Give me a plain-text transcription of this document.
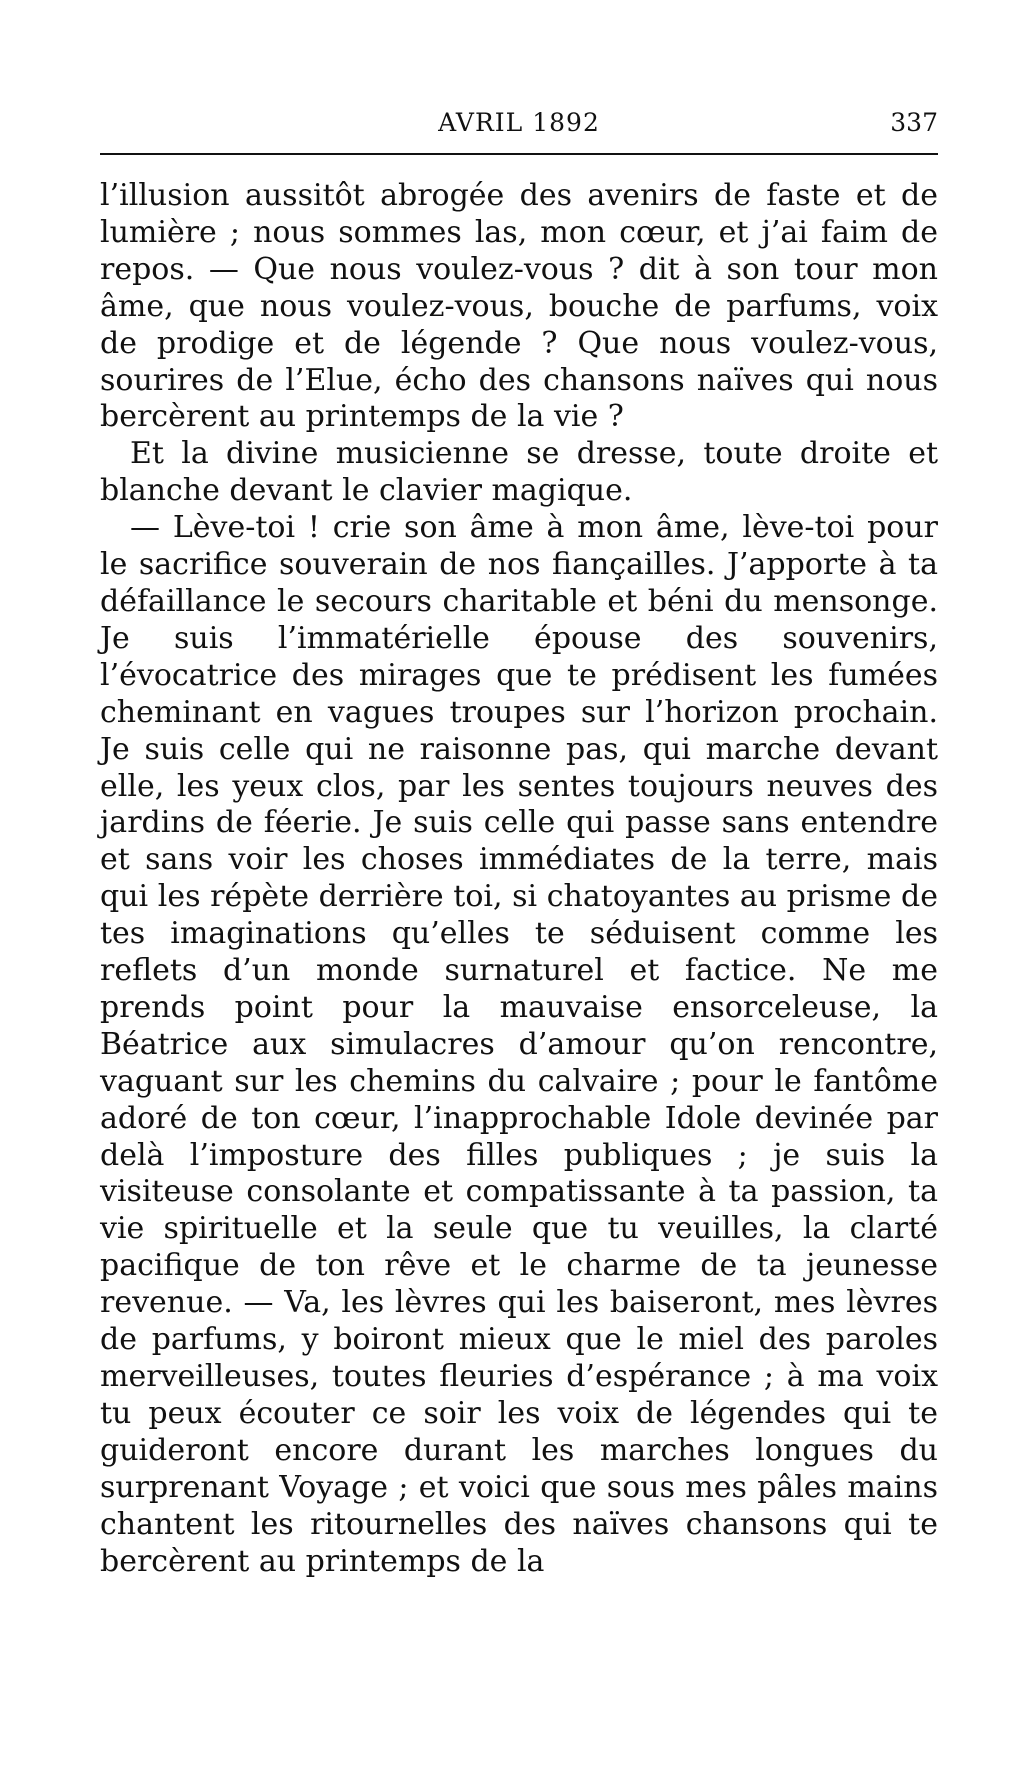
AVRIL 1892	337

l’illusion aussitôt abrogée des avenirs de faste et de lumière ; nous sommes las, mon cœur, et j’ai faim de repos. — Que nous voulez-vous ? dit à son tour mon âme, que nous voulez-vous, bouche de parfums, voix de prodige et de légende ? Que nous voulez-vous, sourires de l’Elue, écho des chansons naïves qui nous bercèrent au printemps de la vie ?

Et la divine musicienne se dresse, toute droite et blanche devant le clavier magique.

— Lève-toi ! crie son âme à mon âme, lève-toi pour le sacrifice souverain de nos fiançailles. J’apporte à ta défaillance le secours charitable et béni du mensonge. Je suis l’immatérielle épouse des souvenirs, l’évocatrice des mirages que te prédisent les fumées cheminant en vagues troupes sur l’horizon prochain. Je suis celle qui ne raisonne pas, qui marche devant elle, les yeux clos, par les sentes toujours neuves des jardins de féerie. Je suis celle qui passe sans entendre et sans voir les choses immédiates de la terre, mais qui les répète derrière toi, si chatoyantes au prisme de tes imaginations qu’elles te séduisent comme les reflets d’un monde surnaturel et factice. Ne me prends point pour la mauvaise ensorceleuse, la Béatrice aux simulacres d’amour qu’on rencontre, vaguant sur les chemins du calvaire ; pour le fantôme adoré de ton cœur, l’inapprochable Idole devinée par delà l’imposture des filles publiques ; je suis la visiteuse consolante et compatissante à ta passion, ta vie spirituelle et la seule que tu veuilles, la clarté pacifique de ton rêve et le charme de ta jeunesse revenue. — Va, les lèvres qui les baiseront, mes lèvres de parfums, y boiront mieux que le miel des paroles merveilleuses, toutes fleuries d’espérance ; à ma voix tu peux écouter ce soir les voix de légendes qui te guideront encore durant les marches longues du surprenant Voyage ; et voici que sous mes pâles mains chantent les ritournelles des naïves chansons qui te bercèrent au printemps de la
